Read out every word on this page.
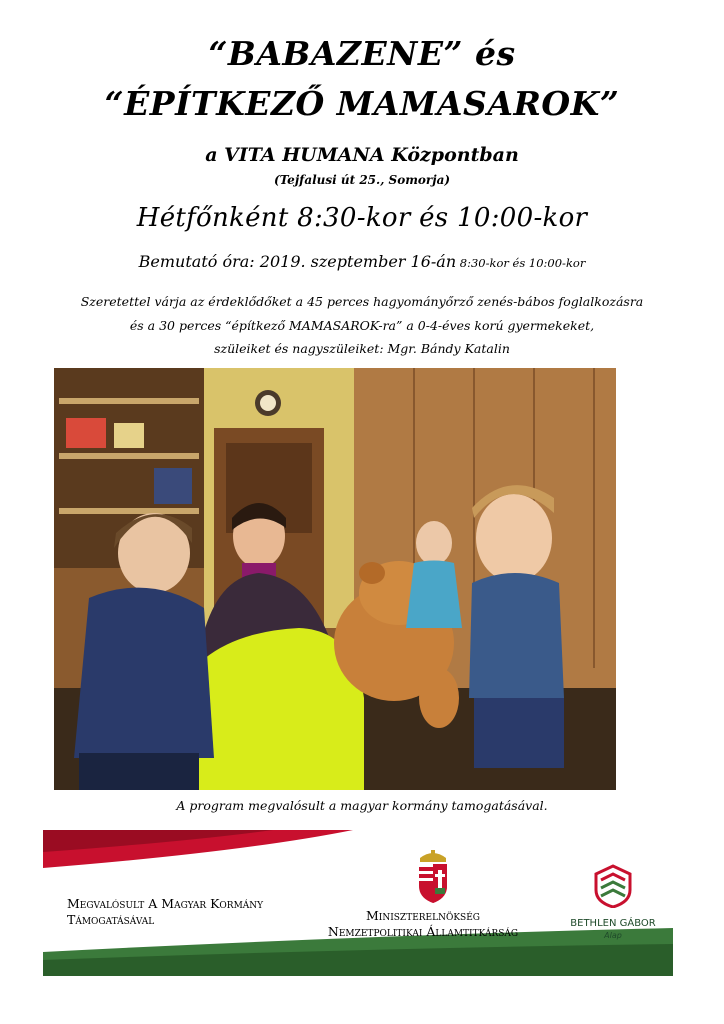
“BABAZENE” és
“ÉPÍTKEZŐ MAMASAROK”
a VITA HUMANA Központban
(Tejfalusi út 25., Somorja)
Hétfőnként 8:30-kor és 10:00-kor
Bemutató óra: 2019. szeptember 16-án 8:30-kor és 10:00-kor
Szeretettel várja az érdeklődőket a 45 perces hagyományőrző zenés-bábos foglalkozásra
és a 30 perces “építkező MAMASAROK-ra” a 0-4-éves korú gyermekeket,
szüleiket és nagyszüleiket: Mgr. Bándy Katalin
A program megvalósult a magyar kormány tamogatásával.
Megvalósult A Magyar Kormány
Támogatásával	Miniszterelnökség
Nemzetpolitikai Államtitkárság
BETHLEN GÁBOR
Alap
